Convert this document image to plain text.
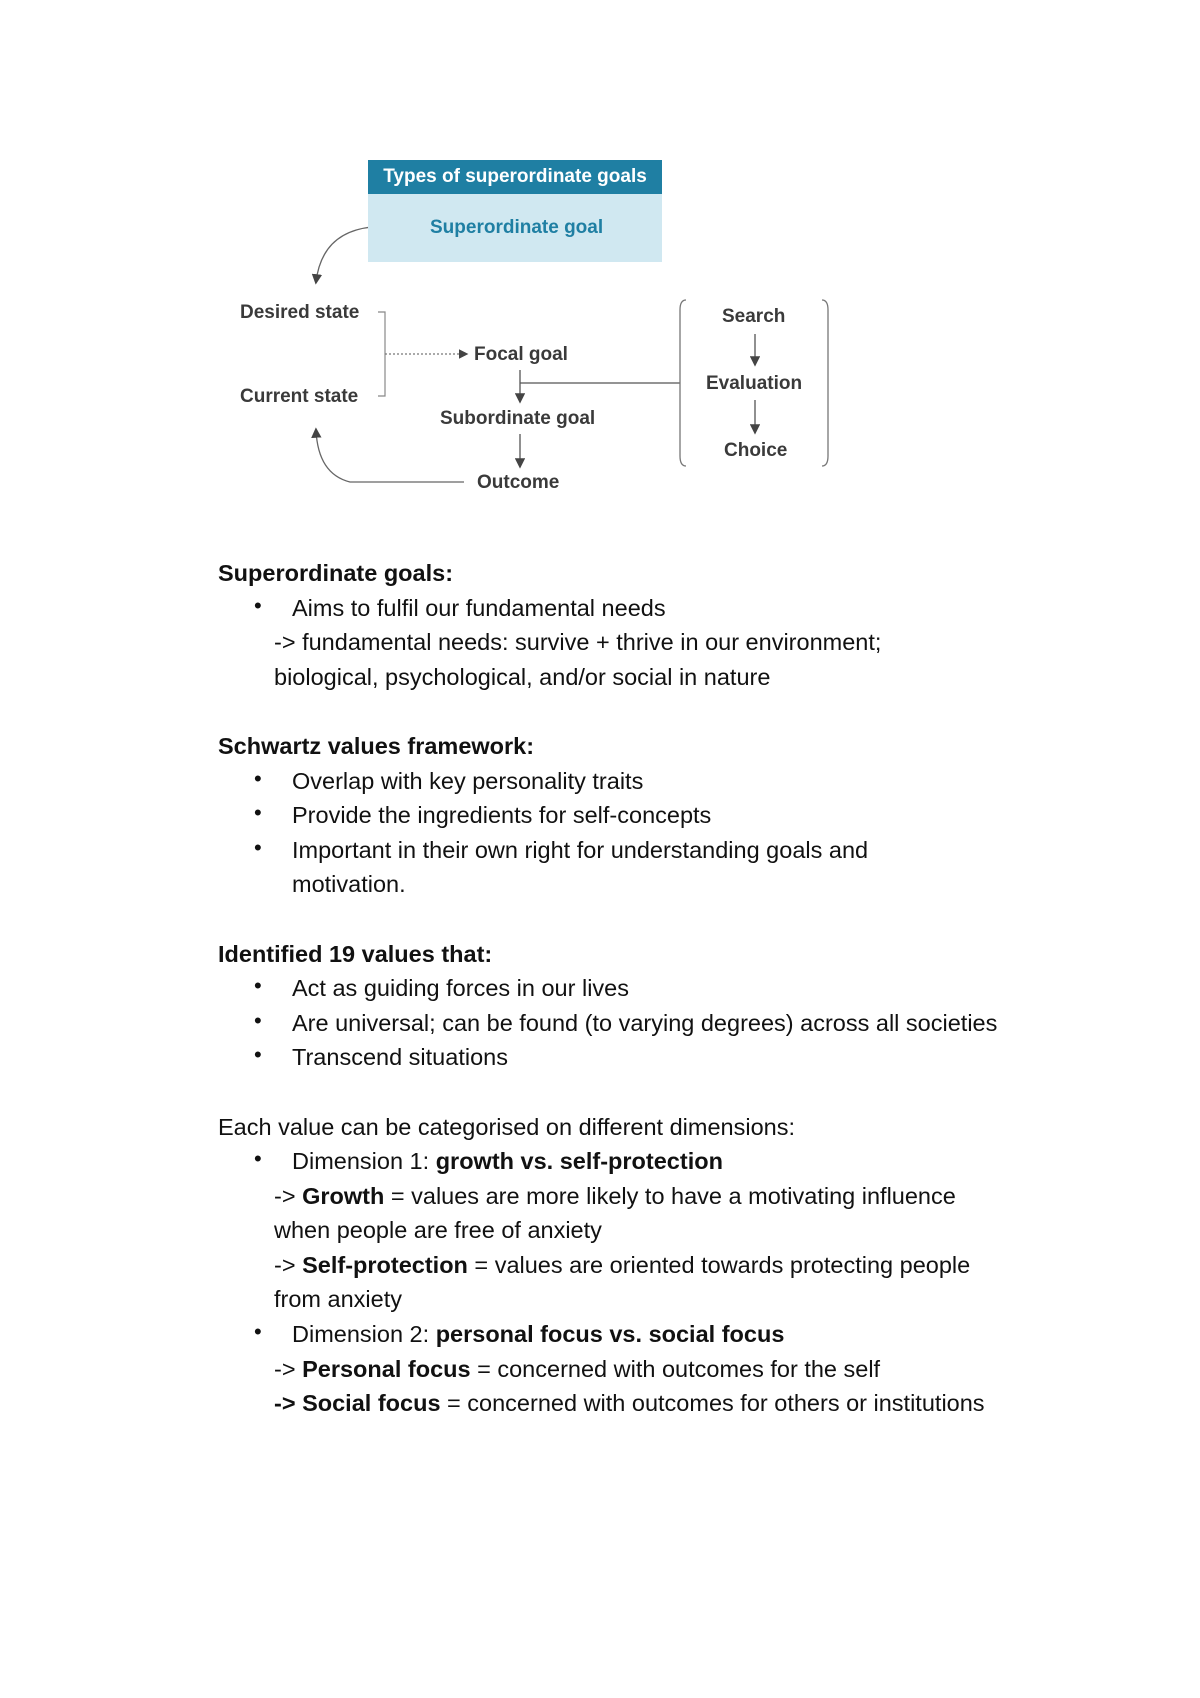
Types of superordinate goals
Superordinate goal
Desired state
Current state
Focal goal
Subordinate goal
Outcome
Search
Evaluation
Choice
Superordinate goals:
• Aims to fulfil our fundamental needs
-> fundamental needs: survive + thrive in our environment;
biological, psychological, and/or social in nature
Schwartz values framework:
• Overlap with key personality traits
• Provide the ingredients for self-concepts
• Important in their own right for understanding goals and
motivation.
Identified 19 values that:
• Act as guiding forces in our lives
• Are universal; can be found (to varying degrees) across all societies
• Transcend situations
Each value can be categorised on different dimensions:
• Dimension 1: growth vs. self-protection
-> Growth = values are more likely to have a motivating influence
when people are free of anxiety
-> Self-protection = values are oriented towards protecting people
from anxiety
• Dimension 2: personal focus vs. social focus
-> Personal focus = concerned with outcomes for the self
-> Social focus = concerned with outcomes for others or institutions
